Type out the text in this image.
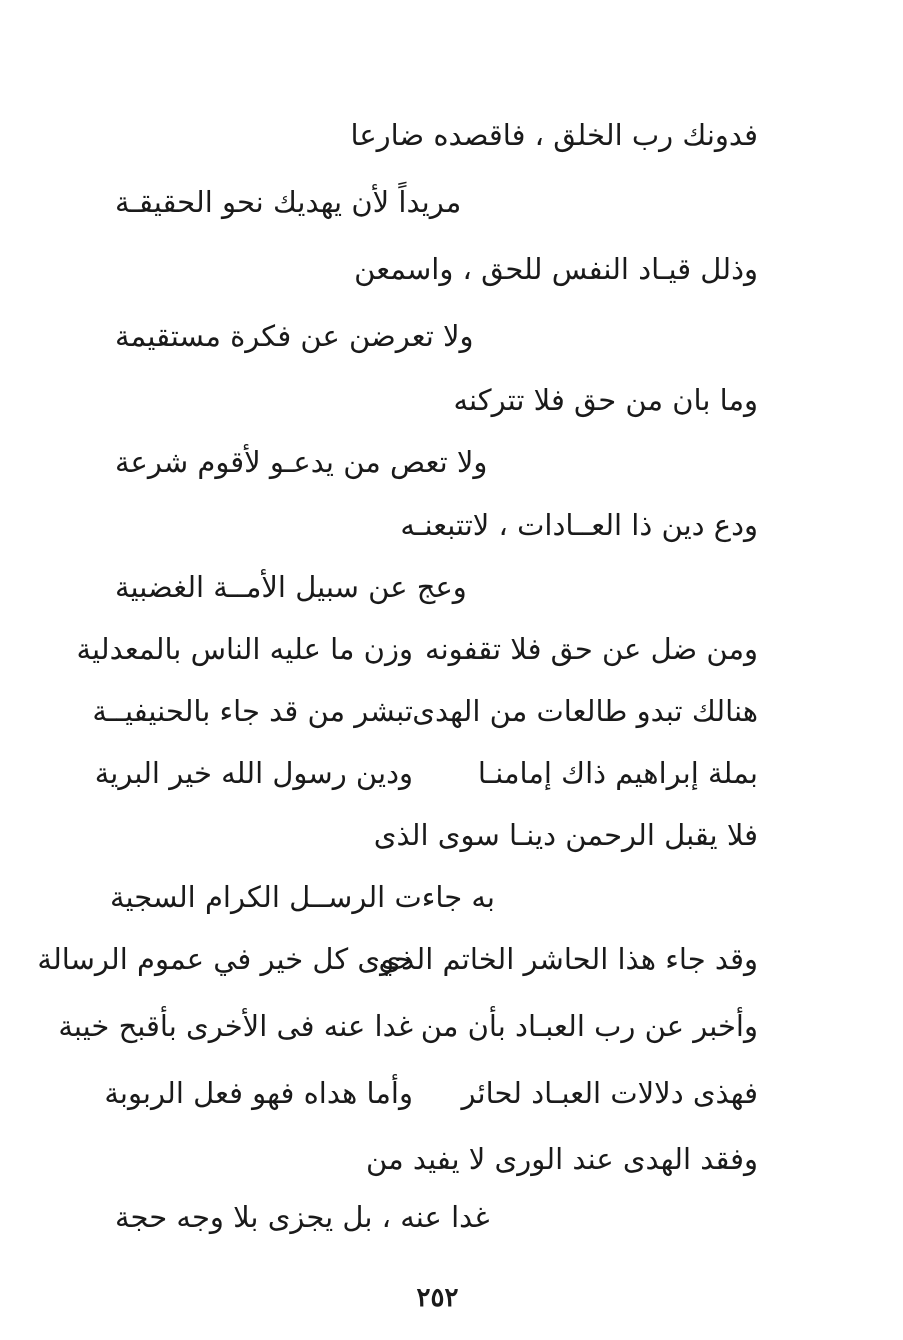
فدونك رب الخلق ، فاقصده ضارعا
مريداً لأن يهديك نحو الحقيقـة
وذلل قيـاد النفس للحق ، واسمعن
ولا تعرضن عن فكرة مستقيمة
وما بان من حق فلا تتركنه
ولا تعص من يدعـو لأقوم شرعة
ودع دين ذا العــادات ، لاتتبعنـه
وعج عن سبيل الأمــة الغضبية
ومن ضل عن حق فلا تقفونه
وزن ما عليه الناس بالمعدلية
هنالك تبدو طالعات من الهدى
تبشر من قد جاء بالحنيفيــة
بملة إبراهيم ذاك إمامنـا
ودين رسول الله خير البرية
فلا يقبل الرحمن دينـا سوى الذى
به جاءت الرســل الكرام السجية
وقد جاء هذا الحاشر الخاتم الذي
حوى كل خير في عموم الرسالة
وأخبر عن رب العبـاد بأن من
غدا عنه فى الأخرى بأقبح خيبة
فهذى دلالات العبـاد لحائر
وأما هداه فهو فعل الربوبة
وفقد الهدى عند الورى لا يفيد من
غدا عنه ، بل يجزى بلا وجه حجة
٢٥٢
